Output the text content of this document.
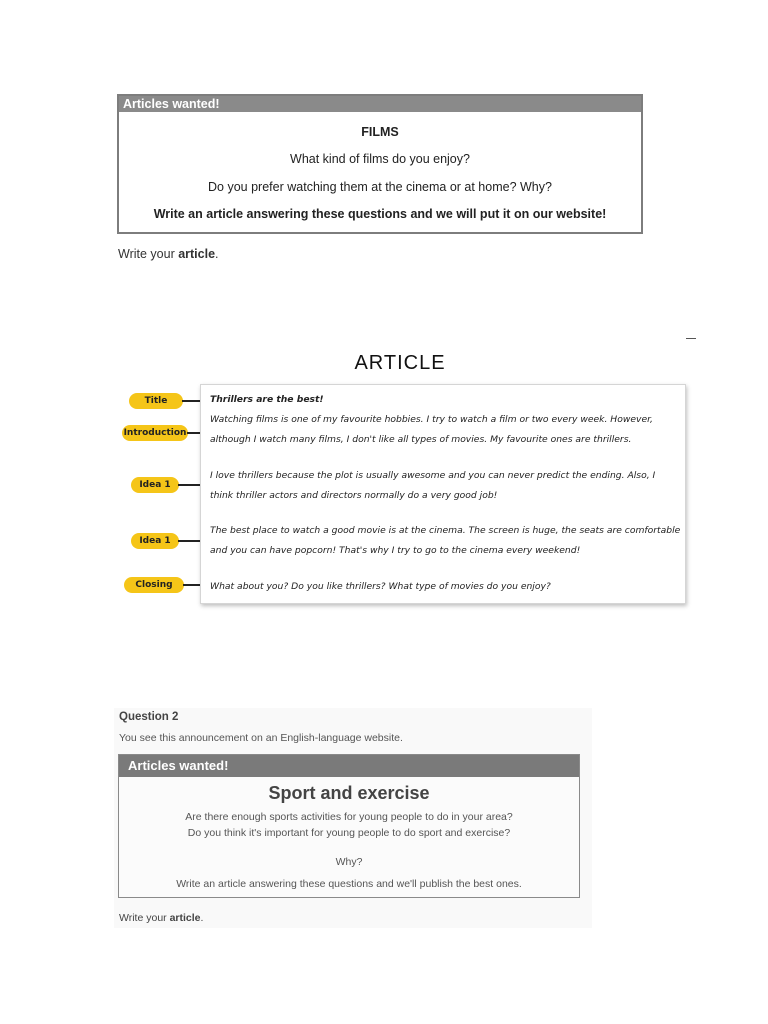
Articles wanted!
FILMS
What kind of films do you enjoy?
Do you prefer watching them at the cinema or at home? Why?
Write an article answering these questions and we will put it on our website!
Write your article.
ARTICLE
Title
Introduction
Idea 1
Idea 1
Closing
Thrillers are the best!
Watching films is one of my favourite hobbies. I try to watch a film or two every week. However,
although I watch many films, I don't like all types of movies. My favourite ones are thrillers.
I love thrillers because the plot is usually awesome and you can never predict the ending. Also, I
think thriller actors and directors normally do a very good job!
The best place to watch a good movie is at the cinema. The screen is huge, the seats are comfortable
and you can have popcorn! That's why I try to go to the cinema every weekend!
What about you? Do you like thrillers? What type of movies do you enjoy?
Question 2
You see this announcement on an English-language website.
Articles wanted!
Sport and exercise
Are there enough sports activities for young people to do in your area?
Do you think it's important for young people to do sport and exercise?
Why?
Write an article answering these questions and we'll publish the best ones.
Write your article.
